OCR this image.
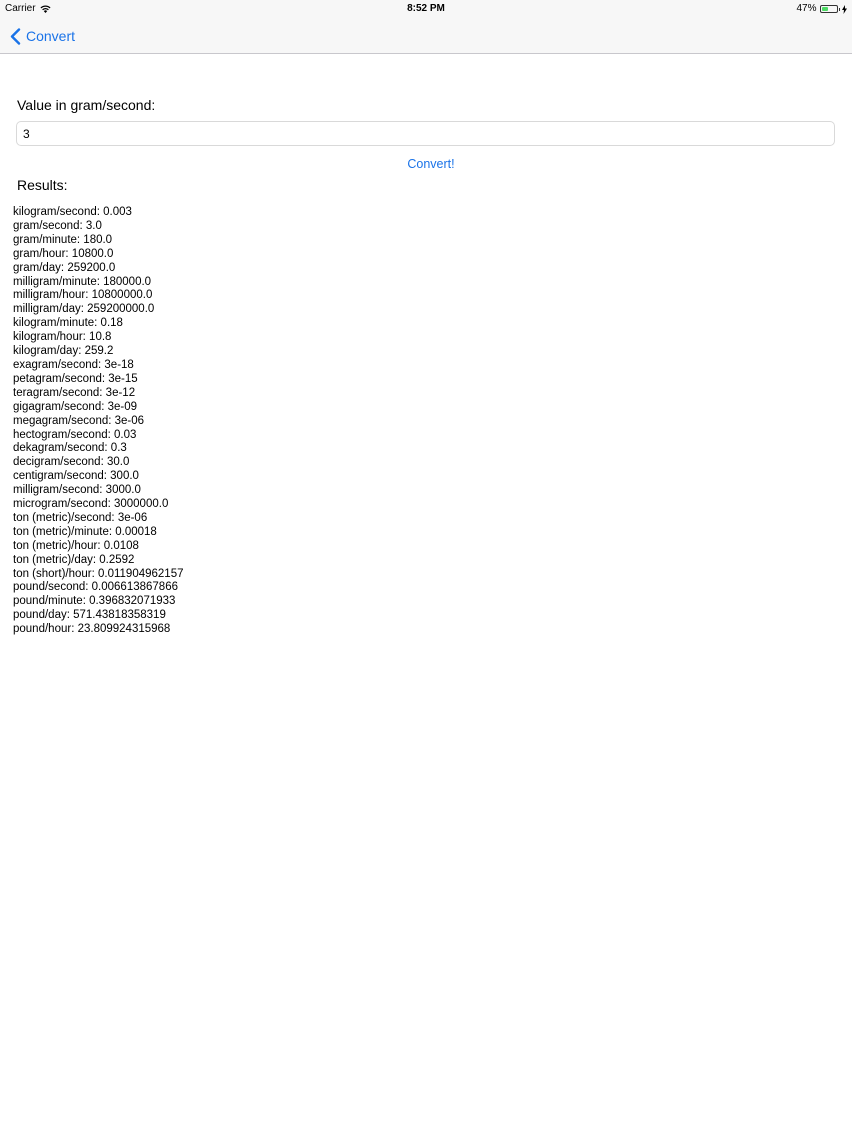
Carrier	8:52 PM	47%
Convert
Value in gram/second:
3
Convert!
Results:
kilogram/second: 0.003
gram/second: 3.0
gram/minute: 180.0
gram/hour: 10800.0
gram/day: 259200.0
milligram/minute: 180000.0
milligram/hour: 10800000.0
milligram/day: 259200000.0
kilogram/minute: 0.18
kilogram/hour: 10.8
kilogram/day: 259.2
exagram/second: 3e-18
petagram/second: 3e-15
teragram/second: 3e-12
gigagram/second: 3e-09
megagram/second: 3e-06
hectogram/second: 0.03
dekagram/second: 0.3
decigram/second: 30.0
centigram/second: 300.0
milligram/second: 3000.0
microgram/second: 3000000.0
ton (metric)/second: 3e-06
ton (metric)/minute: 0.00018
ton (metric)/hour: 0.0108
ton (metric)/day: 0.2592
ton (short)/hour: 0.011904962157
pound/second: 0.006613867866
pound/minute: 0.396832071933
pound/day: 571.43818358319
pound/hour: 23.809924315968
